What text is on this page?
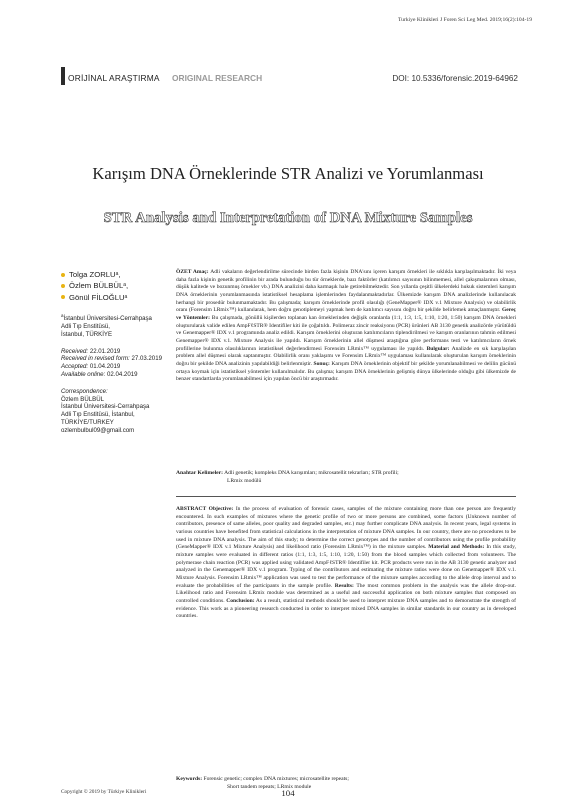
Turkiye Klinikleri J Foren Sci Leg Med. 2019;16(2):104-19
ORİJİNAL ARAŞTIRMA ORIGINAL RESEARCH	DOI: 10.5336/forensic.2019-64962
Karışım DNA Örneklerinde STR Analizi ve Yorumlanması
STR Analysis and Interpretation of DNA Mixture Samples
Tolga ZORLU a ,
Özlem BÜLBÜL a ,
Gönül FİLOĞLU a
$^a$İstanbul Üniversitesi-Cerrahpaşa
Adli Tıp Enstitüsü,
İstanbul, TÜRKİYE
Received: 22.01.2019
Received in revised form: 27.03.2019
Accepted: 01.04.2019
Available online: 02.04.2019
Correspondence:
Özlem BÜLBÜL
İstanbul Üniversitesi-Cerrahpaşa
Adli Tıp Enstitüsü, İstanbul,
TÜRKİYE/TURKEY
ozlembulbul09@gmail.com
ÖZET Amaç: Adli vakaların değerlendirilme sürecinde birden fazla kişinin DNA'sını içeren karışım örnekleri ile sıklıkla karşılaşılmaktadır. İki veya daha fazla kişinin genetik profilinin bir arada bulunduğu bu tür örneklerde, bazı faktörler (katılımcı sayısının bilinmemesi, allel çakışmalarının olması, düşük kalitede ve bozunmuş örnekler vb.) DNA analizini daha karmaşık hale getirebilmektedir. Son yıllarda çeşitli ülkelerdeki hukuk sistemleri karışım DNA örneklerinin yorumlanmasında istatistiksel hesaplama işlemlerinden faydalanmaktadırlar. Ülkemizde karışım DNA analizlerinde kullanılacak herhangi bir prosedür bulunmamaktadır. Bu çalışmada; karışım örneklerinde profil olasılığı (GeneMapper® IDX v.1 Mixture Analysis) ve olabilirlik oranı (Forensim LRmix™) kullanılarak, hem doğru genotiplemeyi yapmak hem de katılımcı sayısını doğru bir şekilde belirlemek amaçlanmıştır. Gereç ve Yöntemler: Bu çalışmada, gönüllü kişilerden toplanan kan örneklerinden değişik oranlarda (1:1, 1:3, 1:5, 1:10, 1:20, 1:50) karışım DNA örnekleri oluşturularak valide edilen AmpFℓSTR® Identifiler kiti ile çoğaltıldı. Polimeraz zincir reaksiyonu (PCR) ürünleri AB 3130 genetik analizörde yürütüldü ve Genemapper® IDX v.1 programında analiz edildi. Karışım örneklerini oluşturan katılımcıların tiplendirilmesi ve karışım oranlarının tahmin edilmesi Genemapper® IDX v.1. Mixture Analysis ile yapıldı. Karışım örneklerinin allel düşmesi araştığına göre performans testi ve katılımcıların örnek profillerine bulunma olasılıklarının istatistiksel değerlendirmesi Forensim LRmix™ uygulaması ile yapıldı. Bulgular: Analizde en sık karşılaşılan problem allel düşmesi olarak saptanmıştır. Olabilirlik oranı yaklaşımı ve Forensim LRmix™ uygulaması kullanılarak oluşturulan karışım örneklerinin doğru bir şekilde DNA analizinin yapılabildiği belirlenmiştir. Sonuç: Karışım DNA örneklerinin objektif bir şekilde yorumlanabilmesi ve delilin gücünü ortaya koymak için istatistiksel yöntemler kullanılmalıdır. Bu çalışma; karışım DNA örneklerinin gelişmiş dünya ülkelerinde olduğu gibi ülkemizde de benzer standartlarda yorumlanabilmesi için yapılan öncü bir araştırmadır.
Anahtar Kelimeler: Adli genetik; kompleks DNA karışımları; mikrosatellit tekrarları; STR profili;
LRmix modülü
ABSTRACT Objective: In the process of evaluation of forensic cases, samples of the mixture containing more than one person are frequently encountered. In such examples of mixtures where the genetic profile of two or more persons are combined, some factors (Unknown number of contributors, presence of same alleles, poor quality and degraded samples, etc.) may further complicate DNA analysis. In recent years, legal systems in various countries have benefited from statistical calculations in the interpretation of mixture DNA samples. In our country, there are no procedures to be used in mixture DNA analysis. The aim of this study; to determine the correct genotypes and the number of contributors using the profile probability (GeneMapper® IDX v.1 Mixture Analysis) and likelihood ratio (Forensim LRmix™) in the mixture samples. Material and Methods: In this study, mixture samples were evaluated in different ratios (1:1, 1:3, 1:5, 1:10, 1:20, 1:50) from the blood samples which collected from volunteers. The polymerase chain reaction (PCR) was applied using validated AmpFℓSTR® Identifiler kit. PCR products were run in the AB 3130 genetic analyzer and analyzed in the Genemapper® IDX v.1 program. Typing of the contributors and estimating the mixture ratios were done on Genemapper® IDX v.1. Mixture Analysis. Forensim LRmix™ application was used to test the performance of the mixture samples according to the allele drop interval and to evaluate the probabilities of the participants in the sample profile. Results: The most common problem in the analysis was the allele drop-out. Likelihood ratio and Forensim LRmix module was determined as a useful and successful application on both mixture samples that composed on controlled conditions. Conclusion: As a result, statistical methods should be used to interpret mixture DNA samples and to demonstrate the strength of evidence. This work as a pioneering research conducted in order to interpret mixed DNA samples in similar standards in our country as in developed countries.
Keywords: Forensic genetic; complex DNA mixtures; microsatellite repeats;
Short tandem repeats; LRmix module
Copyright © 2019 by Türkiye Klinikleri	104
